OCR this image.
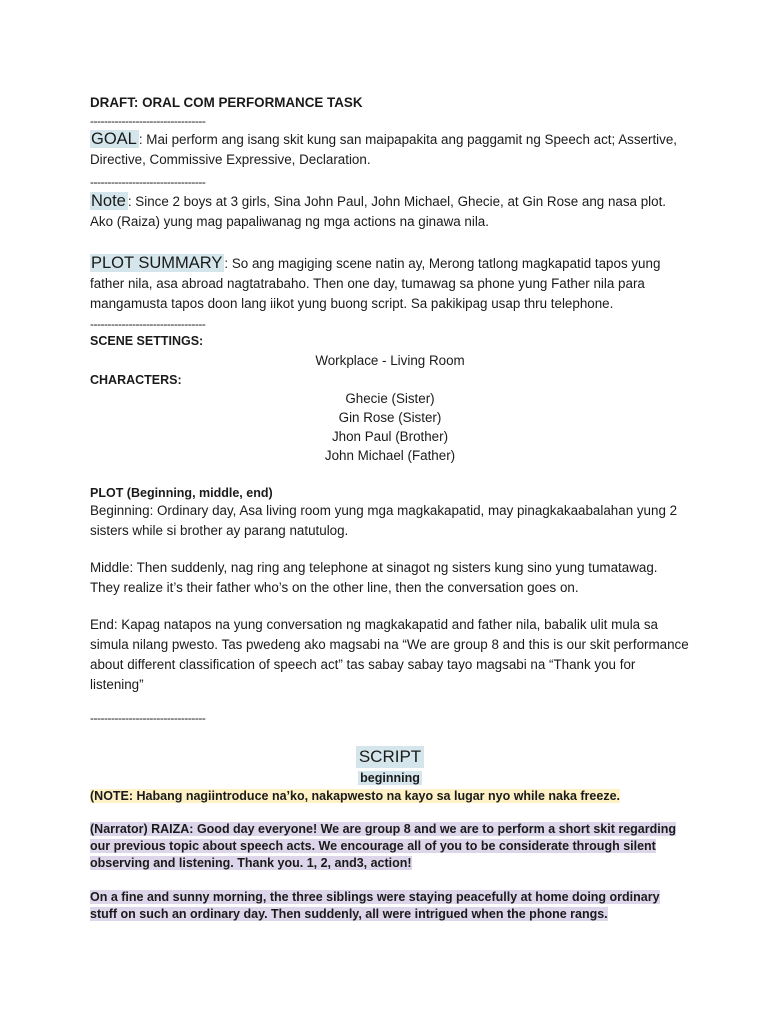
DRAFT: ORAL COM PERFORMANCE TASK

---------------------------------

GOAL : Mai perform ang isang skit kung san maipapakita ang paggamit ng Speech act; Assertive, Directive, Commissive Expressive, Declaration.

---------------------------------

Note : Since 2 boys at 3 girls, Sina John Paul, John Michael, Ghecie, at Gin Rose ang nasa plot. Ako (Raiza) yung mag papaliwanag ng mga actions na ginawa nila.

PLOT SUMMARY : So ang magiging scene natin ay, Merong tatlong magkapatid tapos yung father nila, asa abroad nagtatrabaho. Then one day, tumawag sa phone yung Father nila para mangamusta tapos doon lang iikot yung buong script. Sa pakikipag usap thru telephone.

---------------------------------

SCENE SETTINGS:

Workplace - Living Room

CHARACTERS:

Ghecie (Sister)

Gin Rose (Sister)

Jhon Paul (Brother)

John Michael (Father)

PLOT (Beginning, middle, end)

Beginning: Ordinary day, Asa living room yung mga magkakapatid, may pinagkakaabalahan yung 2 sisters while si brother ay parang natutulog.

Middle: Then suddenly, nag ring ang telephone at sinagot ng sisters kung sino yung tumatawag. They realize it’s their father who’s on the other line, then the conversation goes on.

End: Kapag natapos na yung conversation ng magkakapatid and father nila, babalik ulit mula sa simula nilang pwesto. Tas pwedeng ako magsabi na “We are group 8 and this is our skit performance about different classification of speech act” tas sabay sabay tayo magsabi na “Thank you for listening”

---------------------------------

SCRIPT
beginning

(NOTE: Habang nagiintroduce na’ko, nakapwesto na kayo sa lugar nyo while naka freeze.

(Narrator) RAIZA: Good day everyone! We are group 8 and we are to perform a short skit regarding our previous topic about speech acts. We encourage all of you to be considerate through silent observing and listening. Thank you. 1, 2, and3, action!

On a fine and sunny morning, the three siblings were staying peacefully at home doing ordinary stuff on such an ordinary day. Then suddenly, all were intrigued when the phone rangs.
